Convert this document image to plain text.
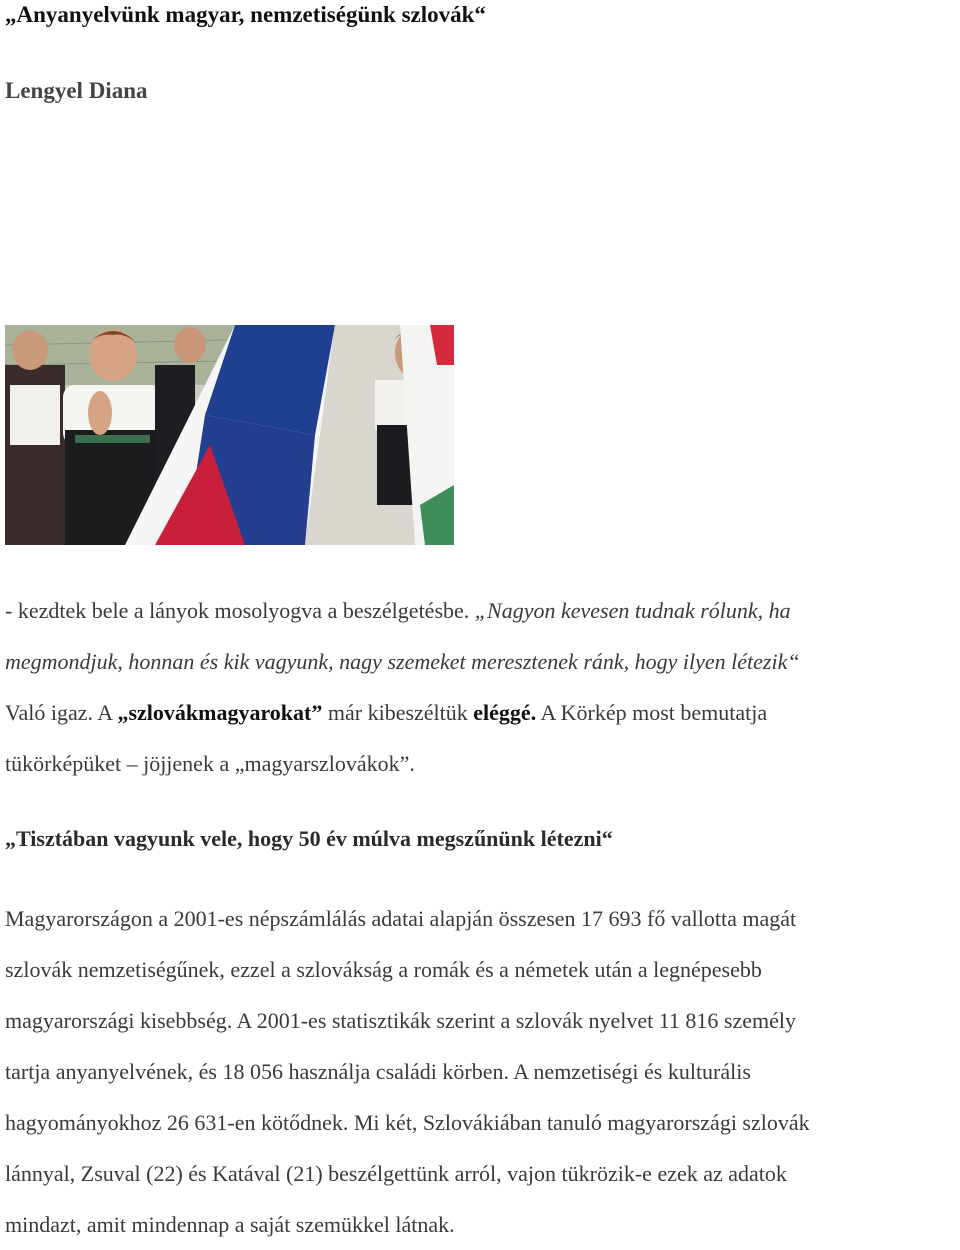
„Anyanyelvünk magyar, nemzetiségünk szlovák“
Lengyel Diana
- kezdtek bele a lányok mosolyogva a beszélgetésbe. „Nagyon kevesen tudnak rólunk, ha
megmondjuk, honnan és kik vagyunk, nagy szemeket meresztenek ránk, hogy ilyen létezik“
Való igaz. A „szlovákmagyarokat” már kibeszéltük eléggé. A Körkép most bemutatja
tükörképüket – jöjjenek a „magyarszlovákok”.
„Tisztában vagyunk vele, hogy 50 év múlva megszűnünk létezni“
Magyarországon a 2001-es népszámlálás adatai alapján összesen 17 693 fő vallotta magát
szlovák nemzetiségűnek, ezzel a szlovákság a romák és a németek után a legnépesebb
magyarországi kisebbség. A 2001-es statisztikák szerint a szlovák nyelvet 11 816 személy
tartja anyanyelvének, és 18 056 használja családi körben. A nemzetiségi és kulturális
hagyományokhoz 26 631-en kötődnek. Mi két, Szlovákiában tanuló magyarországi szlovák
lánnyal, Zsuval (22) és Katával (21) beszélgettünk arról, vajon tükrözik-e ezek az adatok
mindazt, amit mindennap a saját szemükkel látnak.
